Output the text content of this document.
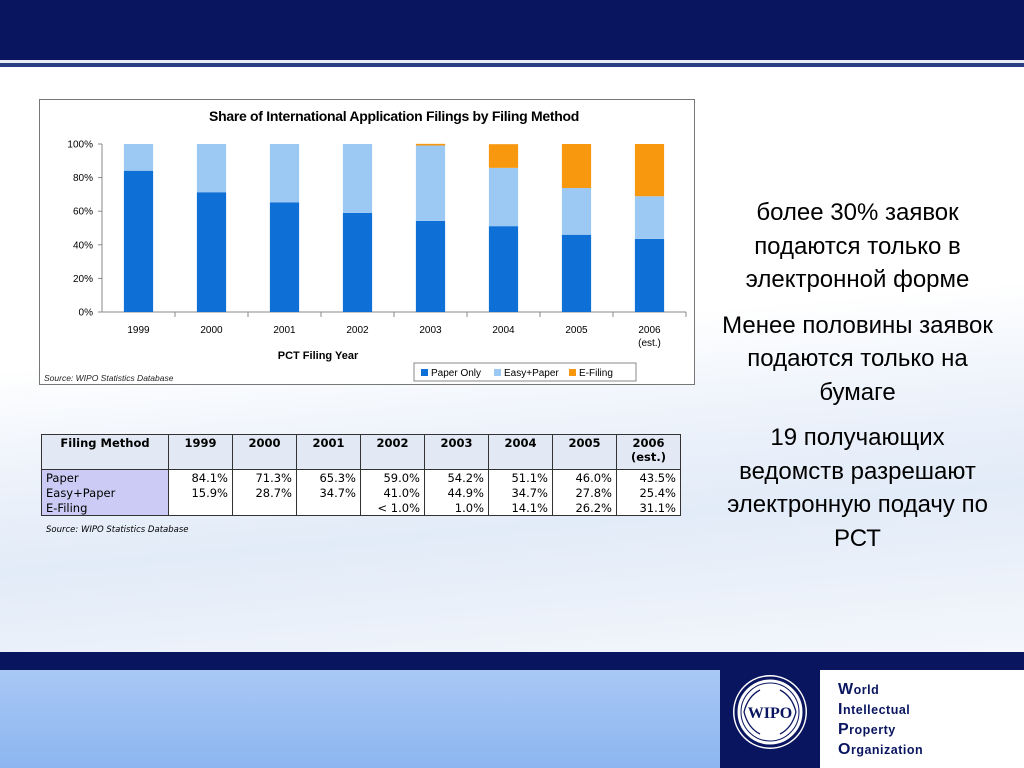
Share of International Application Filings by Filing Method
0%
20%
40%
60%
80%
100%
1999	2000	2001	2002	2003	2004	2005	2006
(est.)
PCT Filing Year
Paper Only Easy+Paper E-Filing
Source: WIPO Statistics Database
Filing Method	1999	2000	2001	2002	2003	2004	2005	2006 (est.)
Paper	84.1%	71.3%	65.3%	59.0%	54.2%	51.1%	46.0%	43.5%
Easy+Paper	15.9%	28.7%	34.7%	41.0%	44.9%	34.7%	27.8%	25.4%
E-Filing				< 1.0%	1.0%	14.1%	26.2%	31.1%
Source: WIPO Statistics Database

более 30% заявок подаются только в электронной форме

Менее половины заявок подаются только на бумаге

19 получающих ведомств разрешают электронную подачу по РСТ

WIPO
World
Intellectual
Property
Organization
